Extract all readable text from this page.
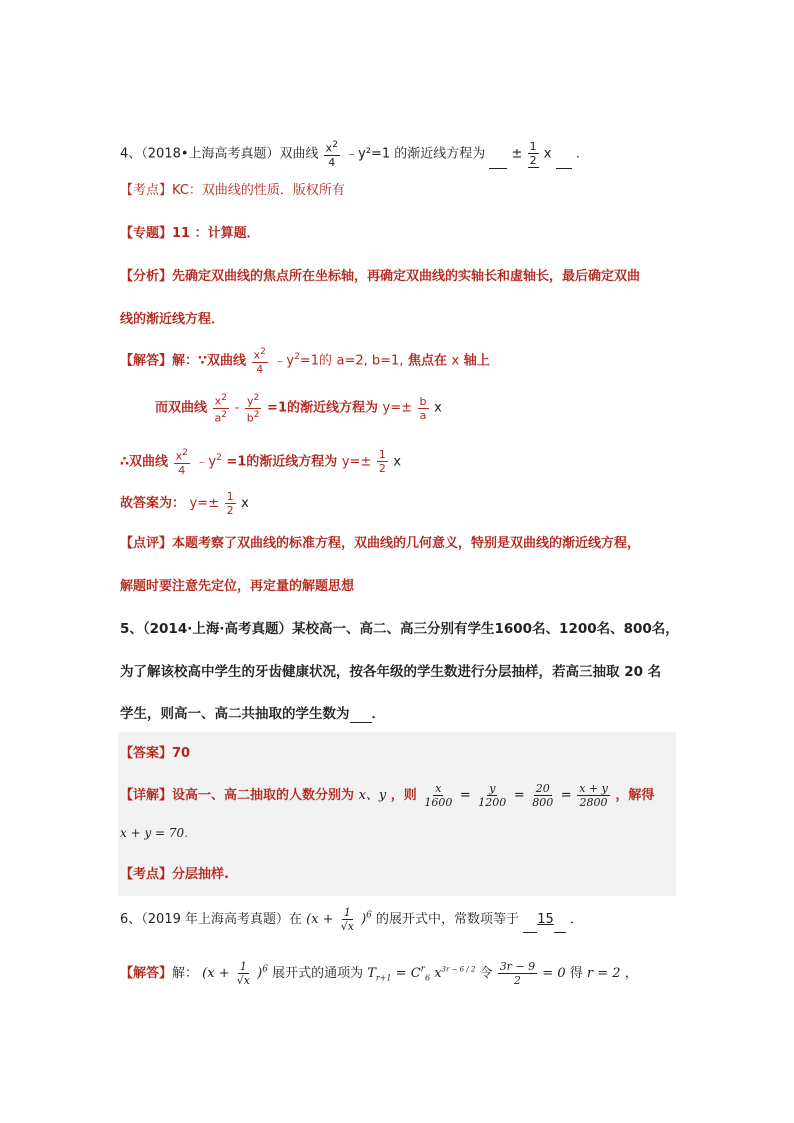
4、（2018•上海高考真题）双曲线 $\frac{x^2}{4}$ ﹣y²=1 的渐近线方程为 ± $\frac{1}{2}$ x .
【考点】KC：双曲线的性质．版权所有
【专题】11 ：计算题．
【分析】先确定双曲线的焦点所在坐标轴，再确定双曲线的实轴长和虚轴长，最后确定双曲
线的渐近线方程．
【解答】解：∵双曲线 $\frac{x^2}{4}$ $﹣y^2=1$的 a=2, b=1, 焦点在 x 轴上
而双曲线 $\frac{x^2}{a^2} - \frac{y^2}{b^2} =1$的渐近线方程为 $y=\pm \frac{b}{a}$ x
∴双曲线 $\frac{x^2}{4}$ $﹣y^2 =1$的渐近线方程为 $y=\pm \frac{1}{2}$ x
故答案为： $y=\pm \frac{1}{2}$ x
【点评】本题考察了双曲线的标准方程，双曲线的几何意义，特别是双曲线的渐近线方程，
解题时要注意先定位，再定量的解题思想
5、（2014·上海·高考真题）某校高一、高二、高三分别有学生1600名、1200名、800名，
为了解该校高中学生的牙齿健康状况，按各年级的学生数进行分层抽样，若高三抽取 20 名
学生，则高一、高二共抽取的学生数为 ．
【答案】70
【详解】设高一、高二抽取的人数分别为 x、y ，则 $\frac{x}{1600} = \frac{y}{1200} = \frac{20}{800} = \frac{x + y}{2800}$ ，解得
x + y = 70.
【考点】分层抽样.
6、（2019 年上海高考真题）在 $(x + \frac{1}{√x} )^6$ 的展开式中，常数项等于 15 ．
【解答】解： $(x + \frac{1}{√x} )^6$ 展开式的通项为 $T_{r+1} = C^r_6$ $x^{3r - 6 / 2}$ 令 $\frac{3r - 9}{2} = 0$ 得 r = 2 ，
